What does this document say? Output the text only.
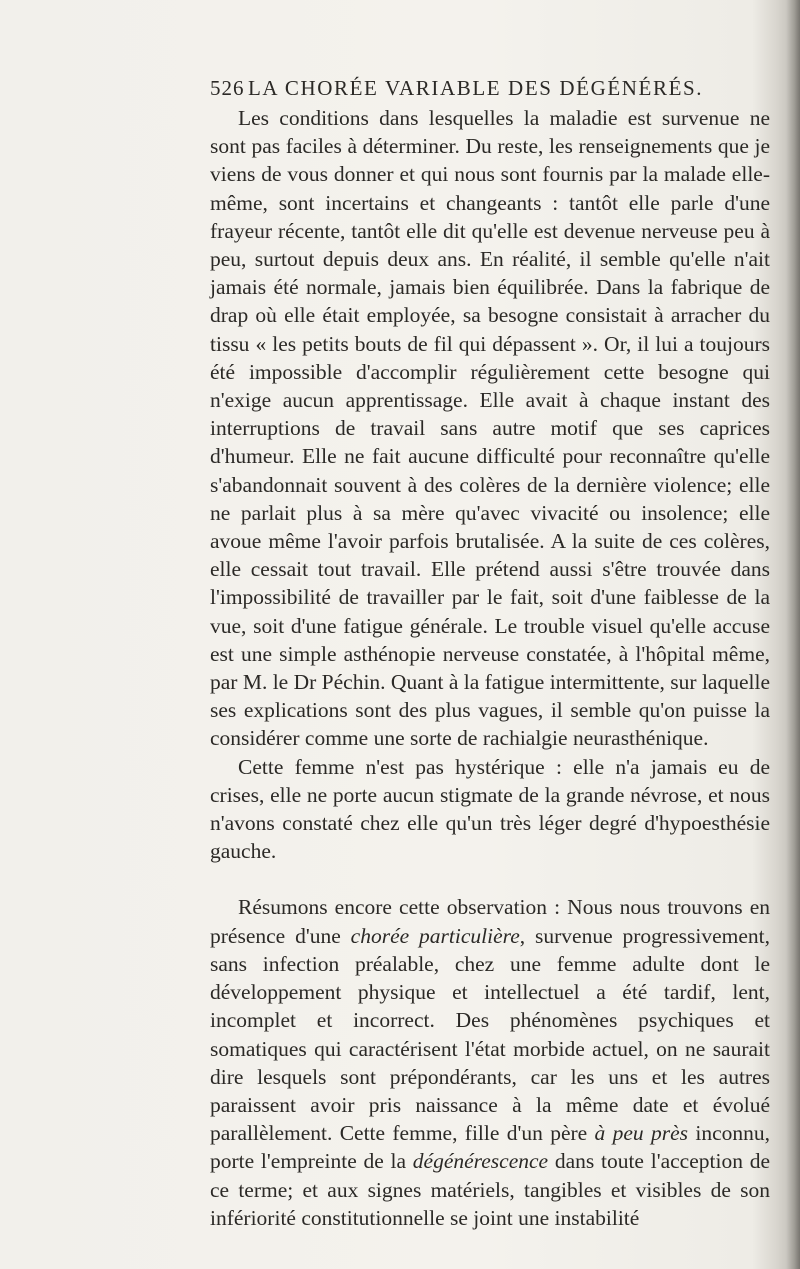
526 LA CHORÉE VARIABLE DES DÉGÉNÉRÉS.

Les conditions dans lesquelles la maladie est survenue ne sont pas faciles à déterminer. Du reste, les renseignements que je viens de vous donner et qui nous sont fournis par la malade elle-même, sont incertains et changeants : tantôt elle parle d'une frayeur récente, tantôt elle dit qu'elle est devenue nerveuse peu à peu, surtout depuis deux ans. En réalité, il semble qu'elle n'ait jamais été normale, jamais bien équilibrée. Dans la fabrique de drap où elle était employée, sa besogne consistait à arracher du tissu « les petits bouts de fil qui dépassent ». Or, il lui a toujours été impossible d'accomplir régulièrement cette besogne qui n'exige aucun apprentissage. Elle avait à chaque instant des interruptions de travail sans autre motif que ses caprices d'humeur. Elle ne fait aucune difficulté pour reconnaître qu'elle s'abandonnait souvent à des colères de la dernière violence; elle ne parlait plus à sa mère qu'avec vivacité ou insolence; elle avoue même l'avoir parfois brutalisée. A la suite de ces colères, elle cessait tout travail. Elle prétend aussi s'être trouvée dans l'impossibilité de travailler par le fait, soit d'une faiblesse de la vue, soit d'une fatigue générale. Le trouble visuel qu'elle accuse est une simple asthénopie nerveuse constatée, à l'hôpital même, par M. le Dr Péchin. Quant à la fatigue intermittente, sur laquelle ses explications sont des plus vagues, il semble qu'on puisse la considérer comme une sorte de rachialgie neurasthénique.

Cette femme n'est pas hystérique : elle n'a jamais eu de crises, elle ne porte aucun stigmate de la grande névrose, et nous n'avons constaté chez elle qu'un très léger degré d'hypoesthésie gauche.

Résumons encore cette observation : Nous nous trouvons en présence d'une chorée particulière, survenue progressivement, sans infection préalable, chez une femme adulte dont le développement physique et intellectuel a été tardif, lent, incomplet et incorrect. Des phénomènes psychiques et somatiques qui caractérisent l'état morbide actuel, on ne saurait dire lesquels sont prépondérants, car les uns et les autres paraissent avoir pris naissance à la même date et évolué parallèlement. Cette femme, fille d'un père à peu près inconnu, porte l'empreinte de la dégénérescence dans toute l'acception de ce terme; et aux signes matériels, tangibles et visibles de son infériorité constitutionnelle se joint une instabilité
